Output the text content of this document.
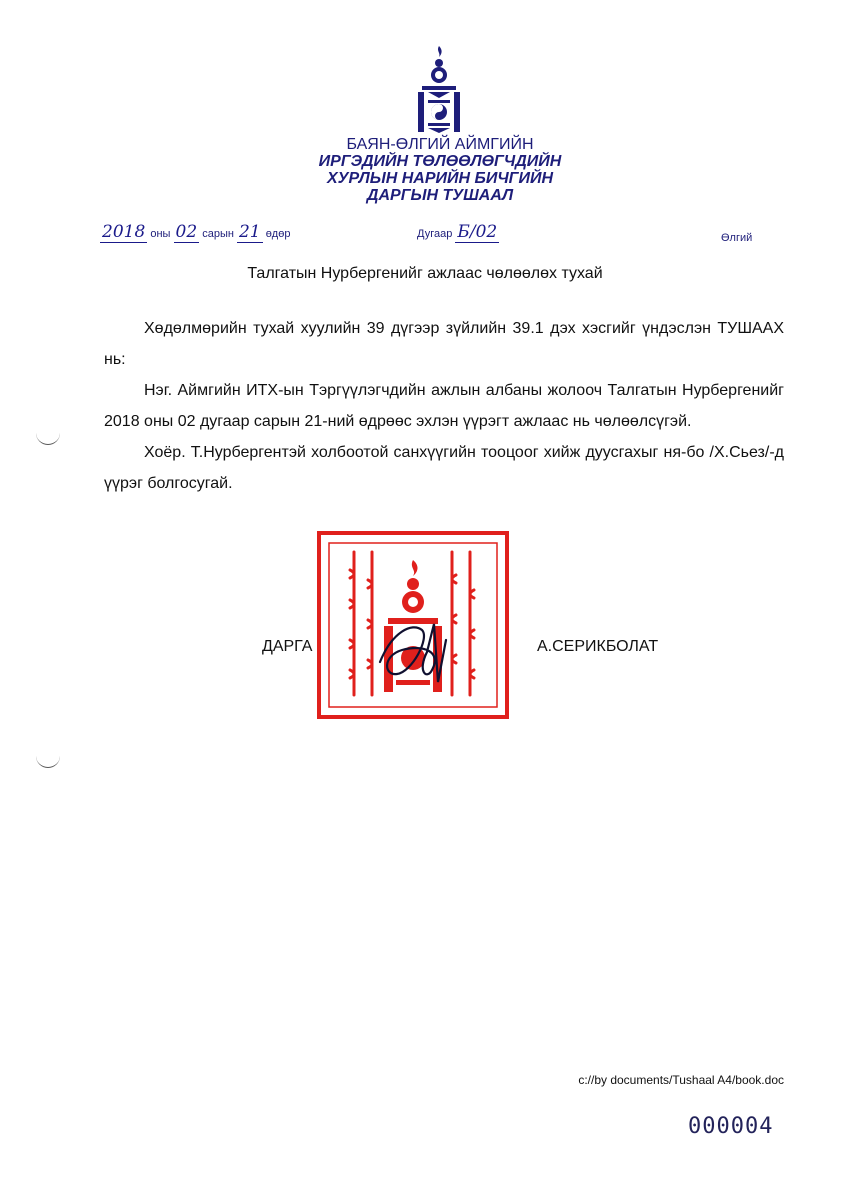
БАЯН-ӨЛГИЙ АЙМГИЙН
ИРГЭДИЙН ТӨЛӨӨЛӨГЧДИЙН
ХУРЛЫН НАРИЙН БИЧГИЙН
ДАРГЫН ТУШААЛ
2018 оны 02 сарын 21 өдөр	Дугаар Б/02	Өлгий
Талгатын Нурбергенийг ажлаас чөлөөлөх тухай

Хөдөлмөрийн тухай хуулийн 39 дүгээр зүйлийн 39.1 дэх хэсгийг үндэслэн ТУШААХ нь:

Нэг. Аймгийн ИТХ-ын Тэргүүлэгчдийн ажлын албаны жолооч Талгатын Нурбергенийг 2018 оны 02 дугаар сарын 21-ний өдрөөс эхлэн үүрэгт ажлаас нь чөлөөлсүгэй.

Хоёр. Т.Нурбергентэй холбоотой санхүүгийн тооцоог хийж дуусгахыг ня-бо /Х.Сьез/-д үүрэг болгосугай.

ДАРГА	А.СЕРИКБОЛАТ
c://by documents/Tushaal A4/book.doc
000004
